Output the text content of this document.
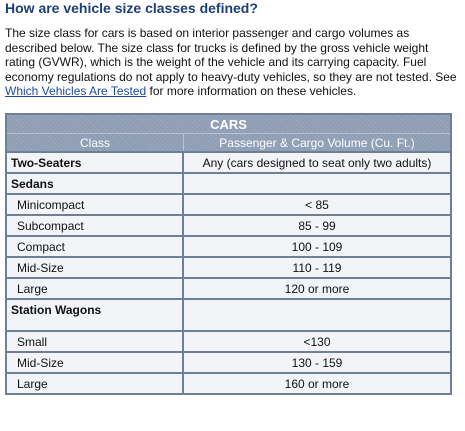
How are vehicle size classes defined?
The size class for cars is based on interior passenger and cargo volumes as described below. The size class for trucks is defined by the gross vehicle weight rating (GVWR), which is the weight of the vehicle and its carrying capacity. Fuel economy regulations do not apply to heavy-duty vehicles, so they are not tested. See Which Vehicles Are Tested for more information on these vehicles.
CARS	
Class	Passenger & Cargo Volume (Cu. Ft.)
Two-Seaters	Any (cars designed to seat only two adults)
Sedans	
Minicompact	< 85
Subcompact	85 - 99
Compact	100 - 109
Mid-Size	110 - 119
Large	120 or more
Station Wagons	
Small	<130
Mid-Size	130 - 159
Large	160 or more
